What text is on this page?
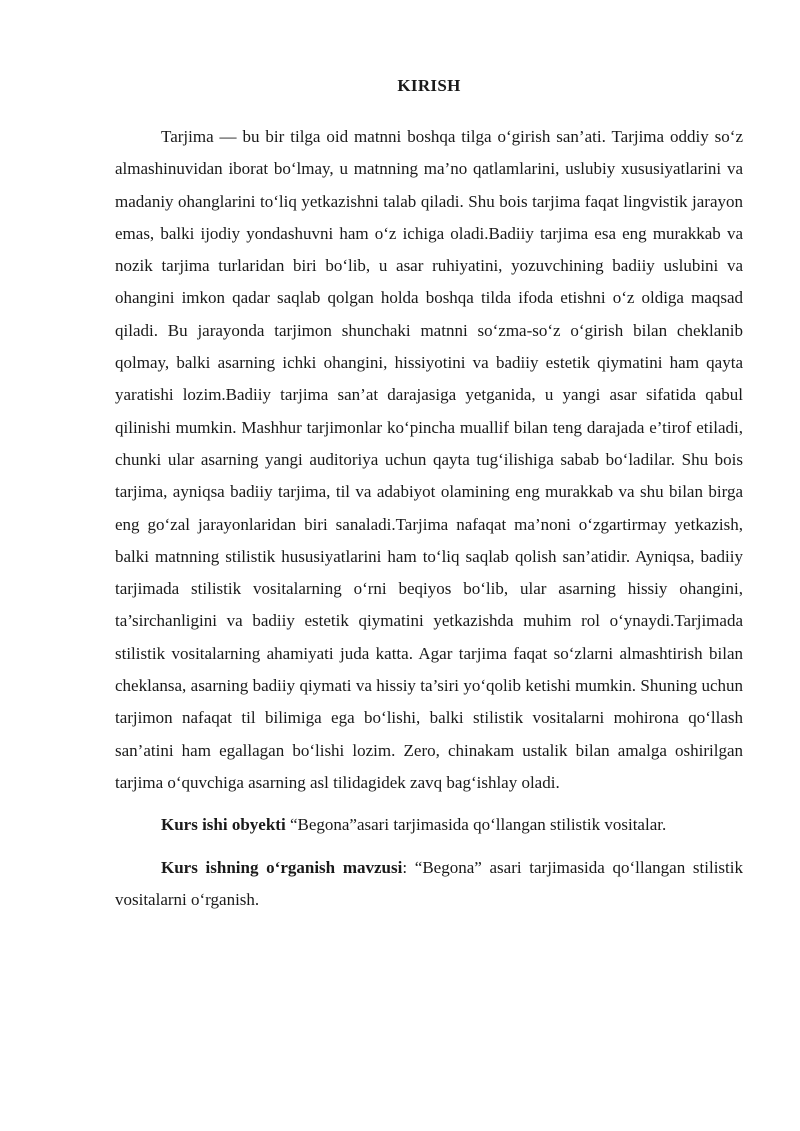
KIRISH

Tarjima — bu bir tilga oid matnni boshqa tilga o‘girish san’ati. Tarjima oddiy so‘z almashinuvidan iborat bo‘lmay, u matnning ma’no qatlamlarini, uslubiy xususiyatlarini va madaniy ohanglarini to‘liq yetkazishni talab qiladi. Shu bois tarjima faqat lingvistik jarayon emas, balki ijodiy yondashuvni ham o‘z ichiga oladi.Badiiy tarjima esa eng murakkab va nozik tarjima turlaridan biri bo‘lib, u asar ruhiyatini, yozuvchining badiiy uslubini va ohangini imkon qadar saqlab qolgan holda boshqa tilda ifoda etishni o‘z oldiga maqsad qiladi. Bu jarayonda tarjimon shunchaki matnni so‘zma-so‘z o‘girish bilan cheklanib qolmay, balki asarning ichki ohangini, hissiyotini va badiiy estetik qiymatini ham qayta yaratishi lozim.Badiiy tarjima san’at darajasiga yetganida, u yangi asar sifatida qabul qilinishi mumkin. Mashhur tarjimonlar ko‘pincha muallif bilan teng darajada e’tirof etiladi, chunki ular asarning yangi auditoriya uchun qayta tug‘ilishiga sabab bo‘ladilar. Shu bois tarjima, ayniqsa badiiy tarjima, til va adabiyot olamining eng murakkab va shu bilan birga eng go‘zal jarayonlaridan biri sanaladi.Tarjima nafaqat ma’noni o‘zgartirmay yetkazish, balki matnning stilistik hususiyatlarini ham to‘liq saqlab qolish san’atidir. Ayniqsa, badiiy tarjimada stilistik vositalarning o‘rni beqiyos bo‘lib, ular asarning hissiy ohangini, ta’sirchanligini va badiiy estetik qiymatini yetkazishda muhim rol o‘ynaydi.Tarjimada stilistik vositalarning ahamiyati juda katta. Agar tarjima faqat so‘zlarni almashtirish bilan cheklansa, asarning badiiy qiymati va hissiy ta’siri yo‘qolib ketishi mumkin. Shuning uchun tarjimon nafaqat til bilimiga ega bo‘lishi, balki stilistik vositalarni mohirona qo‘llash san’atini ham egallagan bo‘lishi lozim. Zero, chinakam ustalik bilan amalga oshirilgan tarjima o‘quvchiga asarning asl tilidagidek zavq bag‘ishlay oladi.

Kurs ishi obyekti “Begona”asari tarjimasida qo‘llangan stilistik vositalar.

Kurs ishning o‘rganish mavzusi: “Begona” asari tarjimasida qo‘llangan stilistik vositalarni o‘rganish.
